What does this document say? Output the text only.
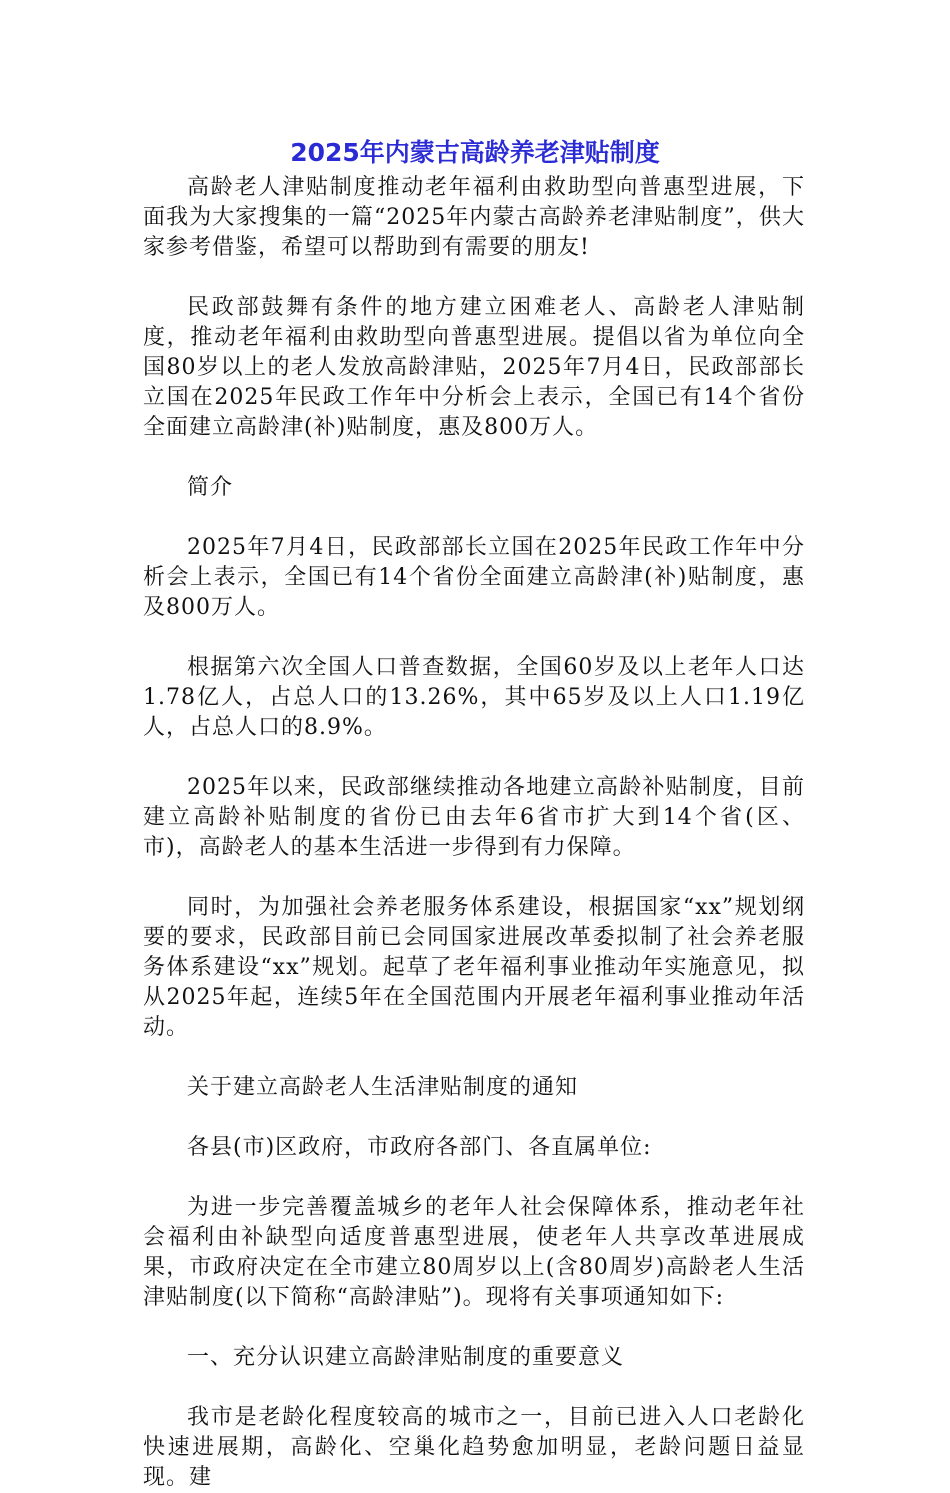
2025年内蒙古高龄养老津贴制度

高龄老人津贴制度推动老年福利由救助型向普惠型进展，下面我为大家搜集的一篇“2025年内蒙古高龄养老津贴制度”，供大家参考借鉴，希望可以帮助到有需要的朋友!

民政部鼓舞有条件的地方建立困难老人、高龄老人津贴制度，推动老年福利由救助型向普惠型进展。提倡以省为单位向全国80岁以上的老人发放高龄津贴，2025年7月4日，民政部部长立国在2025年民政工作年中分析会上表示，全国已有14个省份全面建立高龄津(补)贴制度，惠及800万人。

简介

2025年7月4日，民政部部长立国在2025年民政工作年中分析会上表示，全国已有14个省份全面建立高龄津(补)贴制度，惠及800万人。

根据第六次全国人口普查数据，全国60岁及以上老年人口达1.78亿人，占总人口的13.26%，其中65岁及以上人口1.19亿人，占总人口的8.9%。

2025年以来，民政部继续推动各地建立高龄补贴制度，目前建立高龄补贴制度的省份已由去年6省市扩大到14个省(区、市)，高龄老人的基本生活进一步得到有力保障。

同时，为加强社会养老服务体系建设，根据国家“xx”规划纲要的要求，民政部目前已会同国家进展改革委拟制了社会养老服务体系建设“xx”规划。起草了老年福利事业推动年实施意见，拟从2025年起，连续5年在全国范围内开展老年福利事业推动年活动。

关于建立高龄老人生活津贴制度的通知

各县(市)区政府，市政府各部门、各直属单位:

为进一步完善覆盖城乡的老年人社会保障体系，推动老年社会福利由补缺型向适度普惠型进展，使老年人共享改革进展成果，市政府决定在全市建立80周岁以上(含80周岁)高龄老人生活津贴制度(以下简称“高龄津贴”)。现将有关事项通知如下:

一、充分认识建立高龄津贴制度的重要意义

我市是老龄化程度较高的城市之一，目前已进入人口老龄化快速进展期，高龄化、空巢化趋势愈加明显，老龄问题日益显现。建
